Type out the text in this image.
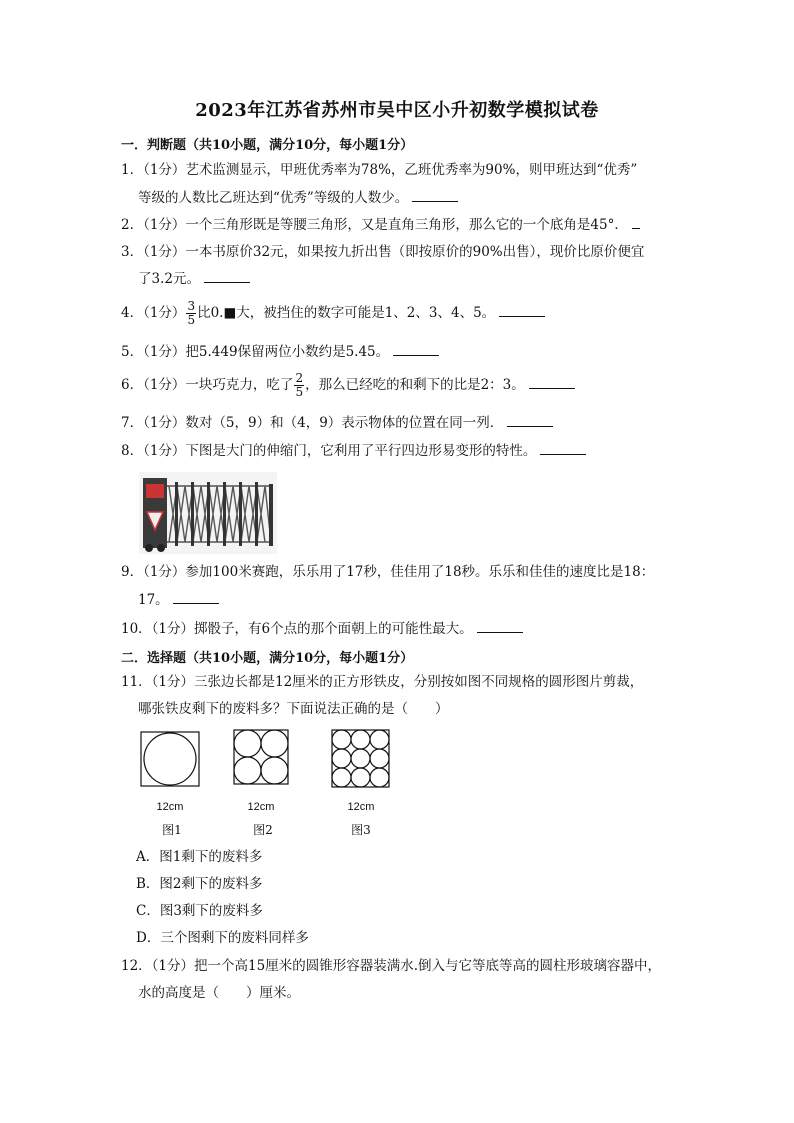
2023年江苏省苏州市吴中区小升初数学模拟试卷
一．判断题（共10小题，满分10分，每小题1分）
1．（1分）艺术监测显示，甲班优秀率为78%，乙班优秀率为90%，则甲班达到“优秀”
等级的人数比乙班达到“优秀”等级的人数少。
2．（1分）一个三角形既是等腰三角形，又是直角三角形，那么它的一个底角是45°．
3．（1分）一本书原价32元，如果按九折出售（即按原价的90%出售），现价比原价便宜
了3.2元。
4．（1分） $\frac{3}{5}$ 比0.■大，被挡住的数字可能是1、2、3、4、5。
5．（1分）把5.449保留两位小数约是5.45。
6．（1分）一块巧克力，吃了 $\frac{2}{5}$ ，那么已经吃的和剩下的比是2：3。
7．（1分）数对（5，9）和（4，9）表示物体的位置在同一列．
8．（1分）下图是大门的伸缩门，它利用了平行四边形易变形的特性。
9．（1分）参加100米赛跑，乐乐用了17秒，佳佳用了18秒。乐乐和佳佳的速度比是18：
17。
10．（1分）掷骰子，有6个点的那个面朝上的可能性最大。
二．选择题（共10小题，满分10分，每小题1分）
11．（1分）三张边长都是12厘米的正方形铁皮，分别按如图不同规格的圆形图片剪裁，
哪张铁皮剩下的废料多？下面说法正确的是（　　）
12cm	12cm	12cm
图1	图2	图3
A．图1剩下的废料多
B．图2剩下的废料多
C．图3剩下的废料多
D．三个图剩下的废料同样多
12．（1分）把一个高15厘米的圆锥形容器装满水.倒入与它等底等高的圆柱形玻璃容器中，
水的高度是（　　）厘米。
